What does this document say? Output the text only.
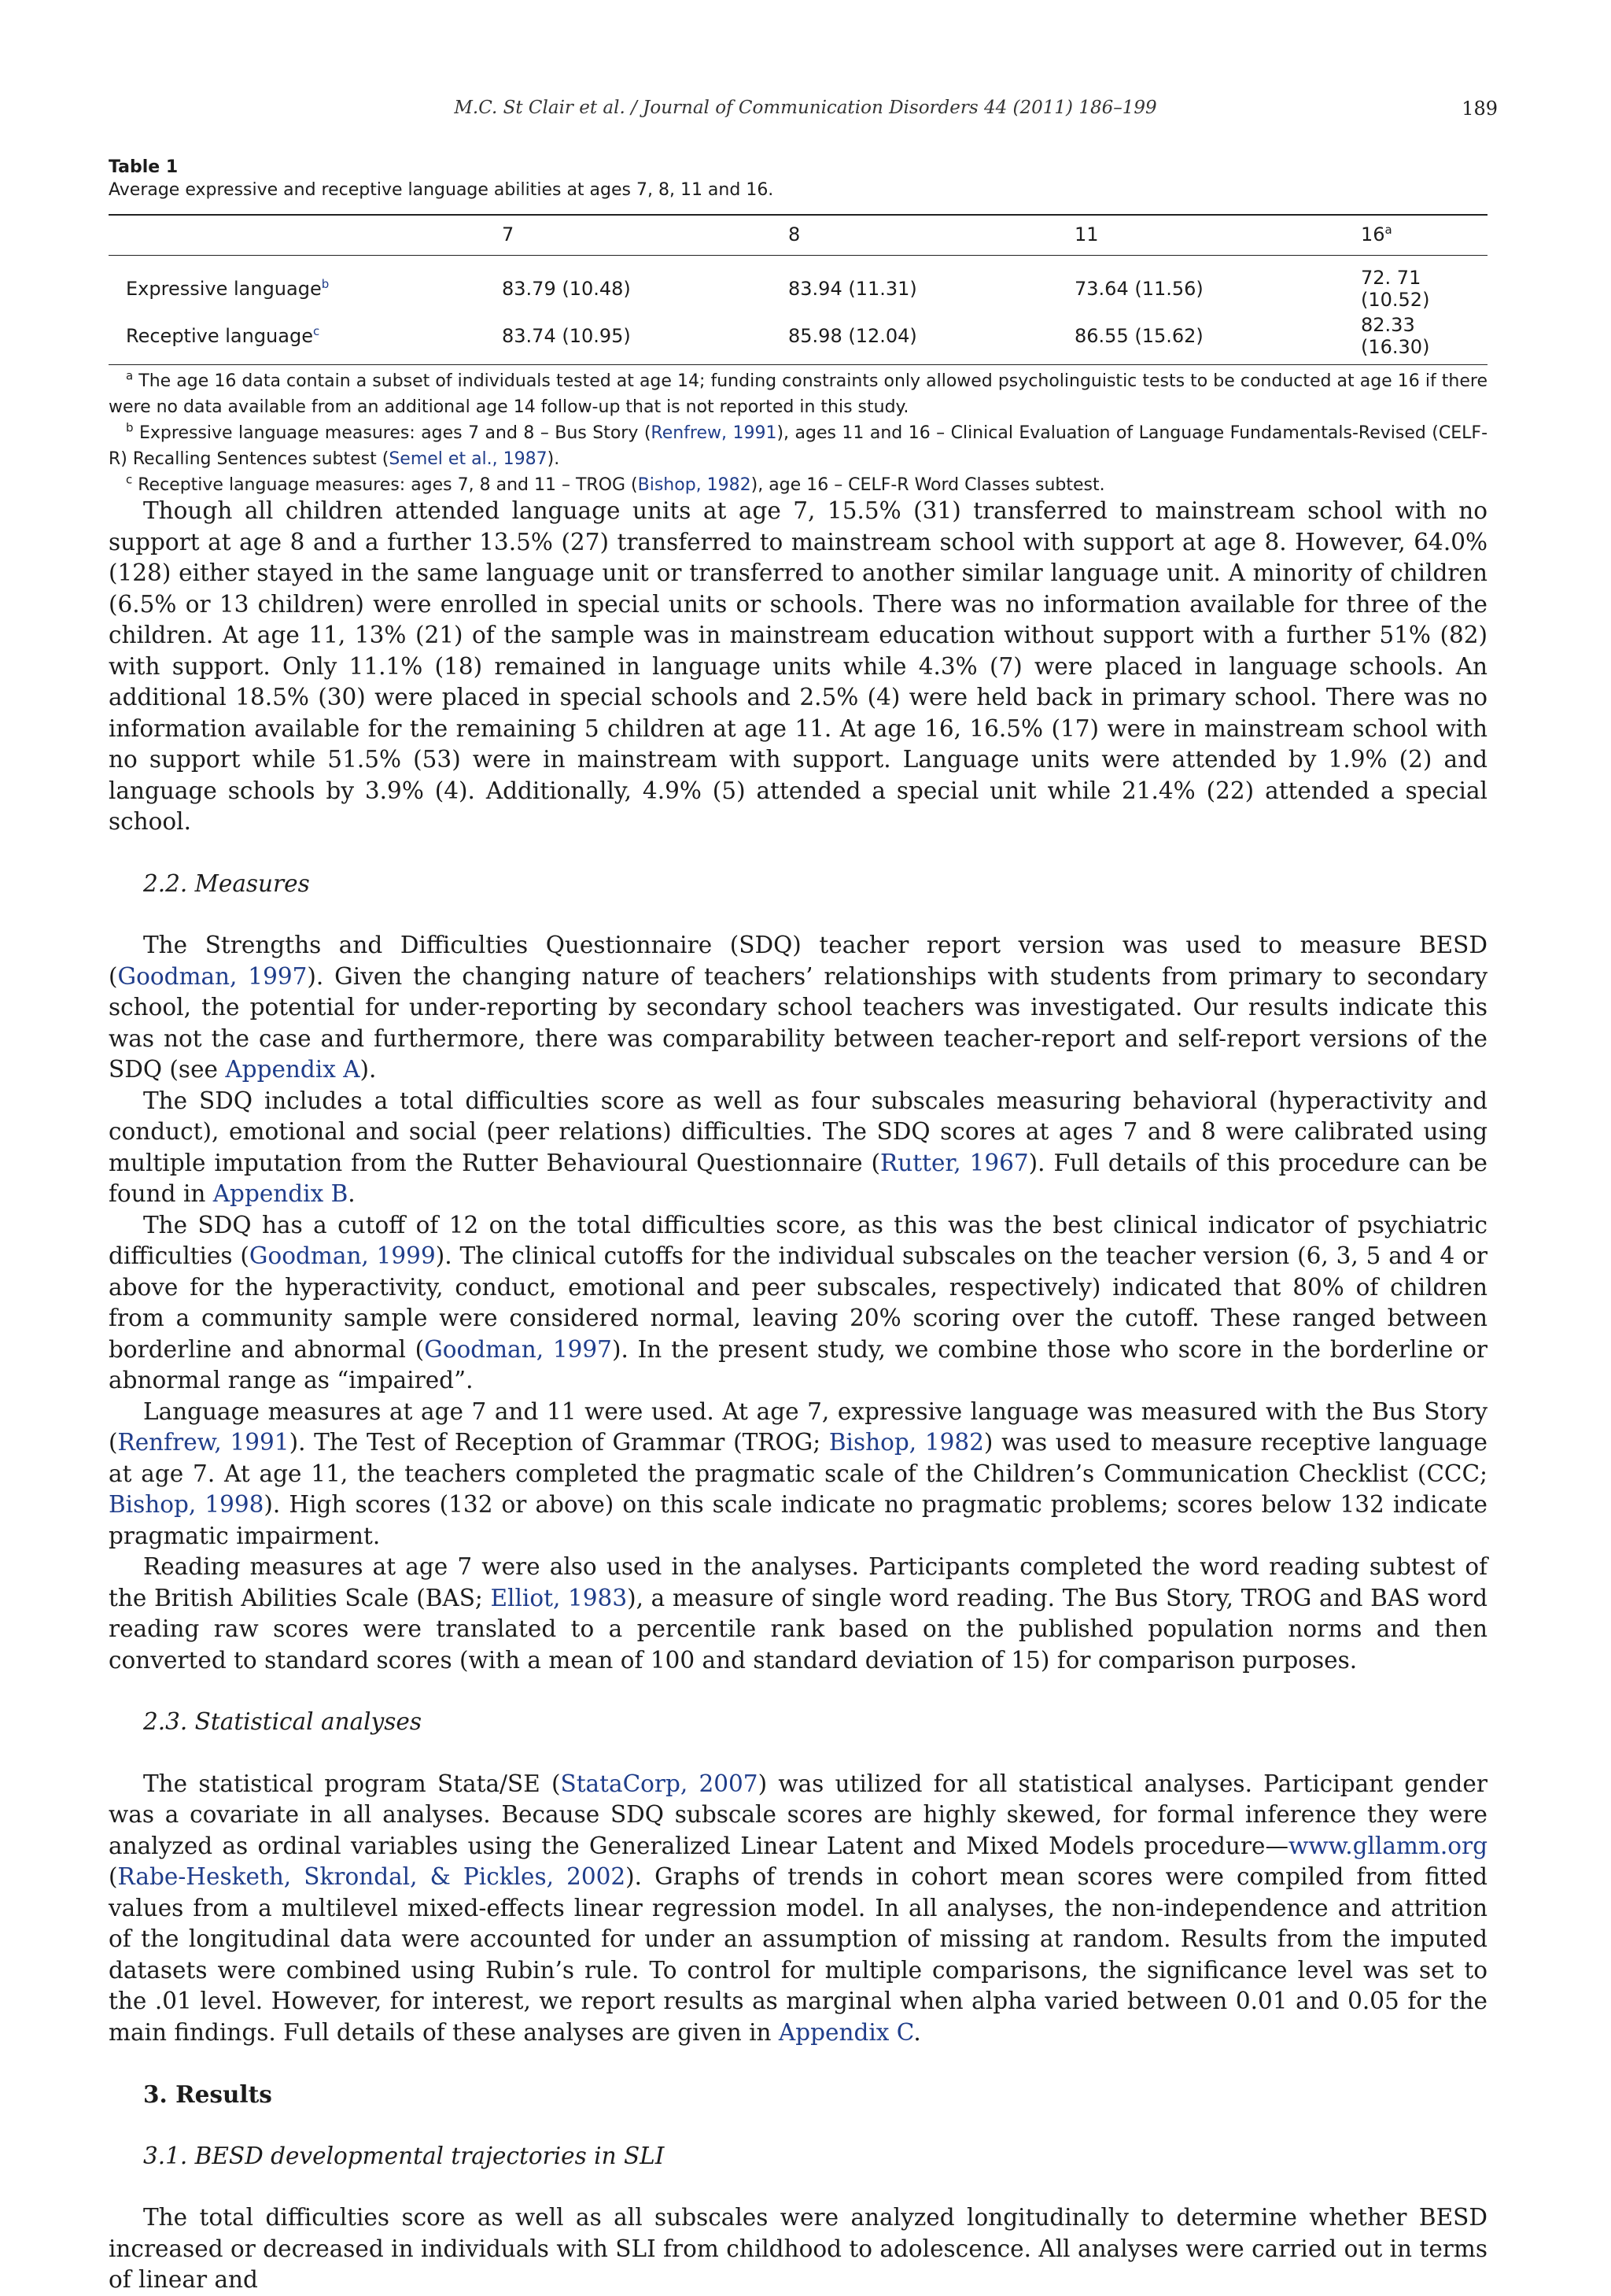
M.C. St Clair et al. / Journal of Communication Disorders 44 (2011) 186–199	189

Table 1

Average expressive and receptive language abilities at ages 7, 8, 11 and 16.

	7	8	11	16$^a$
Expressive language$^b$	83.79 (10.48)	83.94 (11.31)	73.64 (11.56)	72. 71 (10.52)
Receptive language$^c$	83.74 (10.95)	85.98 (12.04)	86.55 (15.62)	82.33 (16.30)

$^a$ The age 16 data contain a subset of individuals tested at age 14; funding constraints only allowed psycholinguistic tests to be conducted at age 16 if there were no data available from an additional age 14 follow-up that is not reported in this study.

$^b$ Expressive language measures: ages 7 and 8 – Bus Story (Renfrew, 1991), ages 11 and 16 – Clinical Evaluation of Language Fundamentals-Revised (CELF-R) Recalling Sentences subtest (Semel et al., 1987).

$^c$ Receptive language measures: ages 7, 8 and 11 – TROG (Bishop, 1982), age 16 – CELF-R Word Classes subtest.

Though all children attended language units at age 7, 15.5% (31) transferred to mainstream school with no support at age 8 and a further 13.5% (27) transferred to mainstream school with support at age 8. However, 64.0% (128) either stayed in the same language unit or transferred to another similar language unit. A minority of children (6.5% or 13 children) were enrolled in special units or schools. There was no information available for three of the children. At age 11, 13% (21) of the sample was in mainstream education without support with a further 51% (82) with support. Only 11.1% (18) remained in language units while 4.3% (7) were placed in language schools. An additional 18.5% (30) were placed in special schools and 2.5% (4) were held back in primary school. There was no information available for the remaining 5 children at age 11. At age 16, 16.5% (17) were in mainstream school with no support while 51.5% (53) were in mainstream with support. Language units were attended by 1.9% (2) and language schools by 3.9% (4). Additionally, 4.9% (5) attended a special unit while 21.4% (22) attended a special school.

2.2. Measures

The Strengths and Difficulties Questionnaire (SDQ) teacher report version was used to measure BESD (Goodman, 1997). Given the changing nature of teachers’ relationships with students from primary to secondary school, the potential for under-reporting by secondary school teachers was investigated. Our results indicate this was not the case and furthermore, there was comparability between teacher-report and self-report versions of the SDQ (see Appendix A).

The SDQ includes a total difficulties score as well as four subscales measuring behavioral (hyperactivity and conduct), emotional and social (peer relations) difficulties. The SDQ scores at ages 7 and 8 were calibrated using multiple imputation from the Rutter Behavioural Questionnaire (Rutter, 1967). Full details of this procedure can be found in Appendix B.

The SDQ has a cutoff of 12 on the total difficulties score, as this was the best clinical indicator of psychiatric difficulties (Goodman, 1999). The clinical cutoffs for the individual subscales on the teacher version (6, 3, 5 and 4 or above for the hyperactivity, conduct, emotional and peer subscales, respectively) indicated that 80% of children from a community sample were considered normal, leaving 20% scoring over the cutoff. These ranged between borderline and abnormal (Goodman, 1997). In the present study, we combine those who score in the borderline or abnormal range as “impaired”.

Language measures at age 7 and 11 were used. At age 7, expressive language was measured with the Bus Story (Renfrew, 1991). The Test of Reception of Grammar (TROG; Bishop, 1982) was used to measure receptive language at age 7. At age 11, the teachers completed the pragmatic scale of the Children’s Communication Checklist (CCC; Bishop, 1998). High scores (132 or above) on this scale indicate no pragmatic problems; scores below 132 indicate pragmatic impairment.

Reading measures at age 7 were also used in the analyses. Participants completed the word reading subtest of the British Abilities Scale (BAS; Elliot, 1983), a measure of single word reading. The Bus Story, TROG and BAS word reading raw scores were translated to a percentile rank based on the published population norms and then converted to standard scores (with a mean of 100 and standard deviation of 15) for comparison purposes.

2.3. Statistical analyses

The statistical program Stata/SE (StataCorp, 2007) was utilized for all statistical analyses. Participant gender was a covariate in all analyses. Because SDQ subscale scores are highly skewed, for formal inference they were analyzed as ordinal variables using the Generalized Linear Latent and Mixed Models procedure—www.gllamm.org (Rabe-Hesketh, Skrondal, & Pickles, 2002). Graphs of trends in cohort mean scores were compiled from fitted values from a multilevel mixed-effects linear regression model. In all analyses, the non-independence and attrition of the longitudinal data were accounted for under an assumption of missing at random. Results from the imputed datasets were combined using Rubin’s rule. To control for multiple comparisons, the significance level was set to the .01 level. However, for interest, we report results as marginal when alpha varied between 0.01 and 0.05 for the main findings. Full details of these analyses are given in Appendix C.

3. Results

3.1. BESD developmental trajectories in SLI

The total difficulties score as well as all subscales were analyzed longitudinally to determine whether BESD increased or decreased in individuals with SLI from childhood to adolescence. All analyses were carried out in terms of linear and
